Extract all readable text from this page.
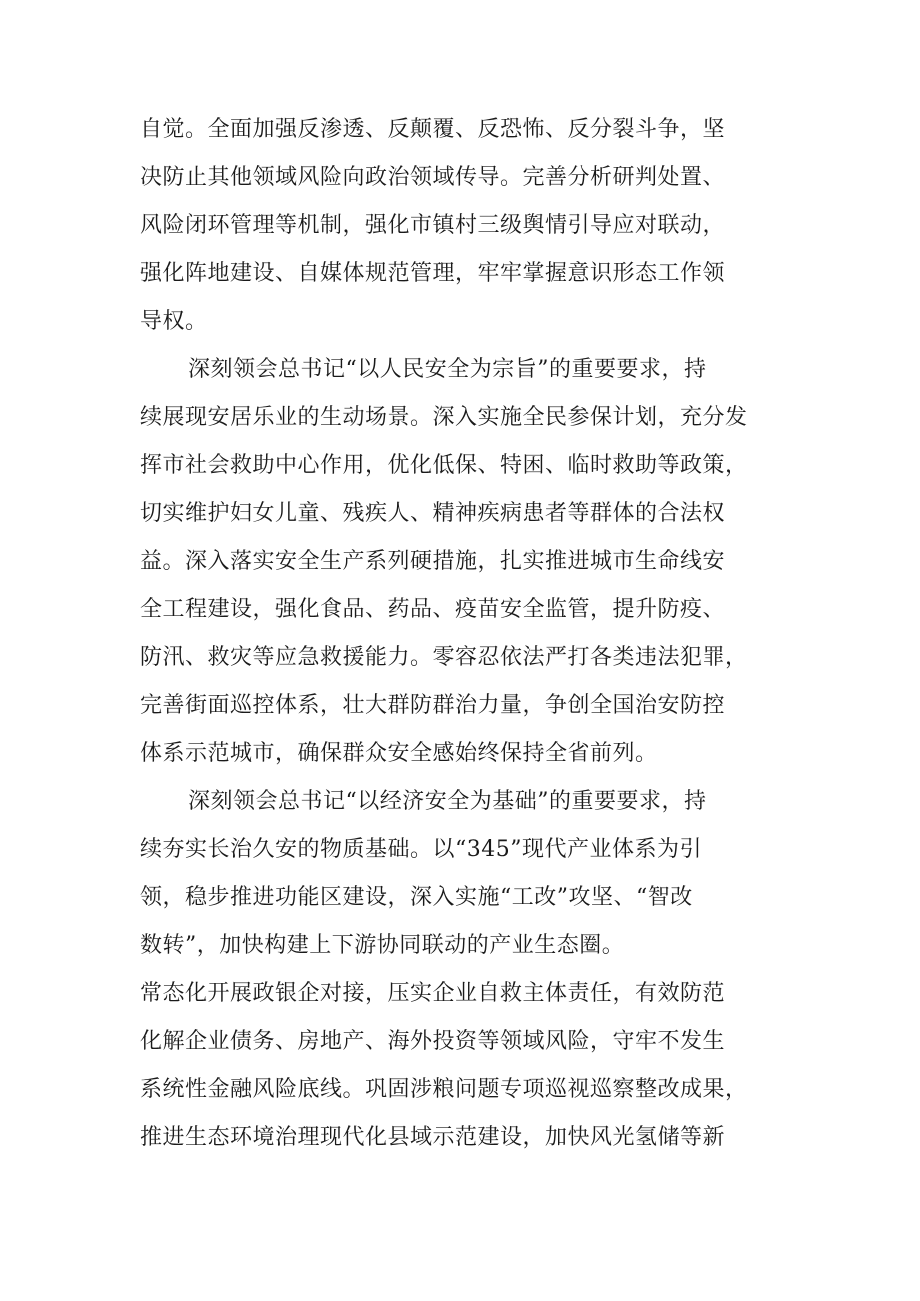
自觉。全面加强反渗透、反颠覆、反恐怖、反分裂斗争，坚
决防止其他领域风险向政治领域传导。完善分析研判处置、
风险闭环管理等机制，强化市镇村三级舆情引导应对联动，
强化阵地建设、自媒体规范管理，牢牢掌握意识形态工作领
导权。
深刻领会总书记“以人民安全为宗旨”的重要要求，持
续展现安居乐业的生动场景。深入实施全民参保计划，充分发
挥市社会救助中心作用，优化低保、特困、临时救助等政策，
切实维护妇女儿童、残疾人、精神疾病患者等群体的合法权
益。深入落实安全生产系列硬措施，扎实推进城市生命线安
全工程建设，强化食品、药品、疫苗安全监管，提升防疫、
防汛、救灾等应急救援能力。零容忍依法严打各类违法犯罪，
完善街面巡控体系，壮大群防群治力量，争创全国治安防控
体系示范城市，确保群众安全感始终保持全省前列。
深刻领会总书记“以经济安全为基础”的重要要求，持
续夯实长治久安的物质基础。以“345”现代产业体系为引
领，稳步推进功能区建设，深入实施“工改”攻坚、“智改
数转”，加快构建上下游协同联动的产业生态圈。
常态化开展政银企对接，压实企业自救主体责任，有效防范
化解企业债务、房地产、海外投资等领域风险，守牢不发生
系统性金融风险底线。巩固涉粮问题专项巡视巡察整改成果，
推进生态环境治理现代化县域示范建设，加快风光氢储等新
